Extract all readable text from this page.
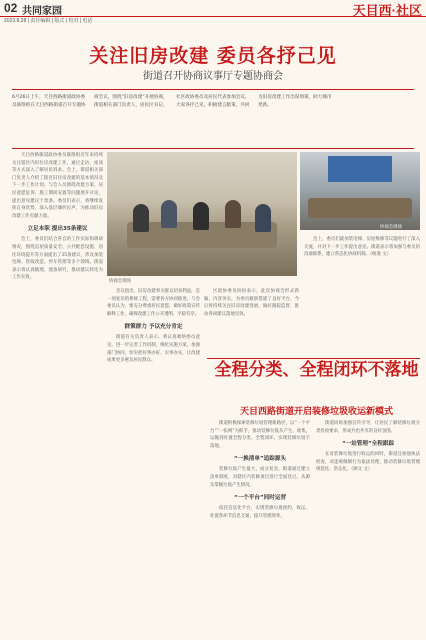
02 共同家园	天目西·社区
2023.8.28 | 责任编辑 | 版式 | 校对 | 电话
关注旧房改建 委员各抒己见
街道召开协商议事厅专题协商会

6月26日上午，天目西路街道政协委员联络组在天目西路街道召开专题协商会议，围绕“旧房改建”开展协商，街道相关部门负责人、居民区书记、社区政协委员及居民代表参加会议，大家各抒己见，积极建言献策，共同为旧房改建工作出谋划策，助力城市更新。

天目西路街道政协委员联络组近年来持续关注辖区内旧住房改建工作，通过走访、座谈等方式深入了解居民诉求。会上，街道相关部门负责人介绍了辖区旧住房改建的基本情况及下一步工作计划。与会人员围绕改建方案、居民意愿征询、施工期间安置等问题展开讨论，提出意见建议十余条。委员们表示，将继续发挥自身优势，深入基层倾听民声，为推动旧房改建工作贡献力量。

立足本职 提出35条建议

会上，委员们结合各自的工作实际和调研情况，围绕房屋质量安全、公共配套设施、居住环境提升等方面提出了35条建议，涉及加装电梯、管线改造、停车管理等多个领域。街道表示将认真梳理、逐条研究，推动建议转化为工作实效。

协商会现场

会议指出，旧房改建事关群众切身利益，是一项复杂的系统工程，需要各方协同推进。与会委员认为，要充分尊重居民意愿，做好政策宣传解释工作，确保改建工作公开透明、平稳有序。

群策群力 予以充分肯定

街道有关负责人表示，将认真吸纳委员意见，进一步完善工作机制，细化实施方案，加强部门协同，切实把好事办好、实事办实，让改建成果更多惠及居民群众。

区政协委员纷纷表示，此次协商会形式新颖、内容务实，为委员履职搭建了良好平台，今后将持续关注旧房改建进展，做好跟踪监督，推动各项建议落地见效。

协商会现场

会上，委员们就加装电梯、房屋维修等议题进行了深入交流，并对下一步工作提出意见。街道表示将加强与委员的沟通联系，建立常态化协商机制。（杨逸 文）

全程分类、全程闭环不落地
天目西路街道开启装修垃圾收运新模式

街道积极探索装修垃圾管理新路径，以“一个平台”“一张网”为抓手，推动装修垃圾从产生、收集、运输到处置全程分类、全程闭环，实现装修垃圾不落地。

“一换清单”追踪源头

装修垃圾产生量大，成分复杂，街道通过建立清单制度，对辖区内装修项目进行全面登记，从源头掌握垃圾产生情况。

“一个平台”同时运营

依托信息化平台，实现装修垃圾预约、收运、处置各环节信息互通，提升管理效率。

街道同时加强宣传引导，让居民了解装修垃圾分类投放要求，形成共治共享的良好氛围。

“一站管理”全程跟踪

在对装修垃圾进行收运的同时，街道还加强执法检查，对违规倾倒行为依法处理，推动装修垃圾管理规范化、常态化。（顾文 文）
